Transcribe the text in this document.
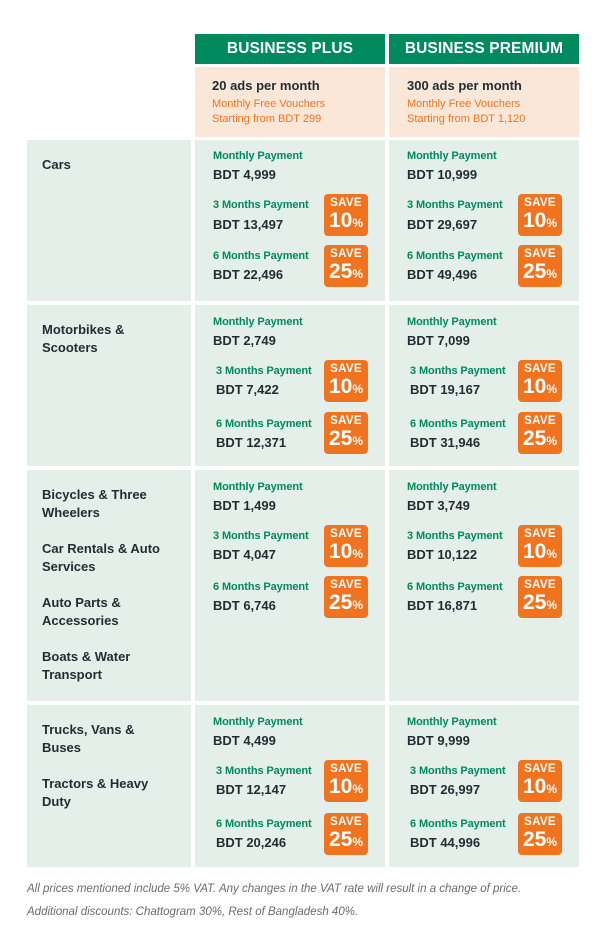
BUSINESS PLUS	BUSINESS PREMIUM
20 ads per month
Monthly Free Vouchers
Starting from BDT 299
300 ads per month
Monthly Free Vouchers
Starting from BDT 1,120
Cars
Monthly Payment
BDT 4,999
3 Months Payment
BDT 13,497
SAVE
10%
6 Months Payment
BDT 22,496
SAVE
25%
Monthly Payment
BDT 10,999
3 Months Payment
BDT 29,697
SAVE
10%
6 Months Payment
BDT 49,496
SAVE
25%
Motorbikes & Scooters
Monthly Payment
BDT 2,749
3 Months Payment
BDT 7,422
SAVE
10%
6 Months Payment
BDT 12,371
SAVE
25%
Monthly Payment
BDT 7,099
3 Months Payment
BDT 19,167
SAVE
10%
6 Months Payment
BDT 31,946
SAVE
25%
Bicycles & Three Wheelers
Car Rentals & Auto Services
Auto Parts & Accessories
Boats & Water Transport
Monthly Payment
BDT 1,499
3 Months Payment
BDT 4,047
SAVE
10%
6 Months Payment
BDT 6,746
SAVE
25%
Monthly Payment
BDT 3,749
3 Months Payment
BDT 10,122
SAVE
10%
6 Months Payment
BDT 16,871
SAVE
25%
Trucks, Vans & Buses
Tractors & Heavy Duty
Monthly Payment
BDT 4,499
3 Months Payment
BDT 12,147
SAVE
10%
6 Months Payment
BDT 20,246
SAVE
25%
Monthly Payment
BDT 9,999
3 Months Payment
BDT 26,997
SAVE
10%
6 Months Payment
BDT 44,996
SAVE
25%
All prices mentioned include 5% VAT. Any changes in the VAT rate will result in a change of price.
Additional discounts: Chattogram 30%, Rest of Bangladesh 40%.
